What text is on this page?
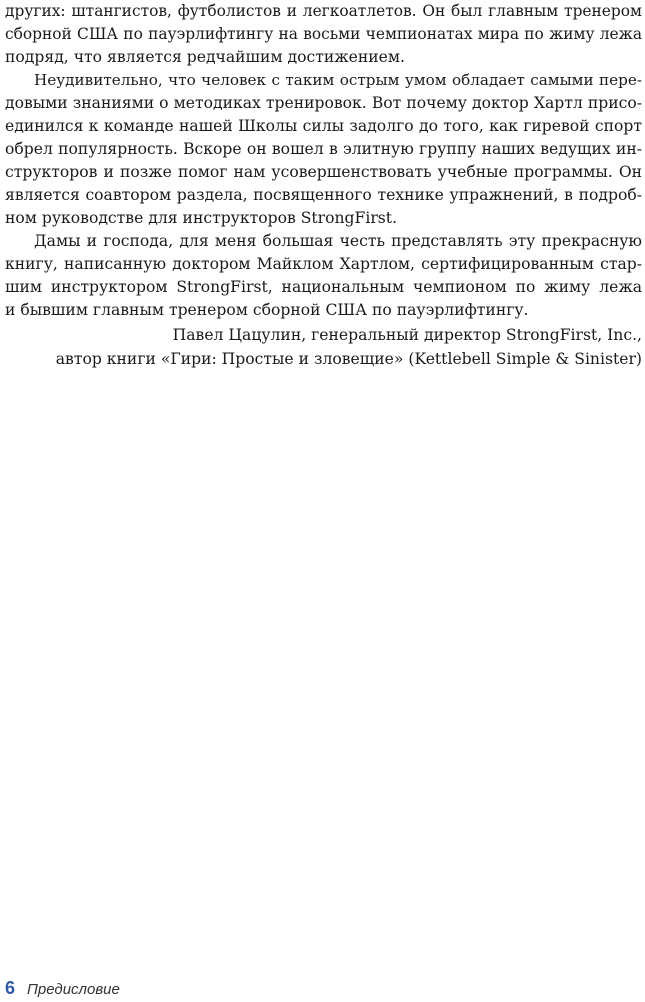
других: штангистов, футболистов и легкоатлетов. Он был главным тренером
сборной США по пауэрлифтингу на восьми чемпионатах мира по жиму лежа
подряд, что является редчайшим достижением.
Неудивительно, что человек с таким острым умом обладает самыми пере-
довыми знаниями о методиках тренировок. Вот почему доктор Хартл присо-
единился к команде нашей Школы силы задолго до того, как гиревой спорт
обрел популярность. Вскоре он вошел в элитную группу наших ведущих ин-
структоров и позже помог нам усовершенствовать учебные программы. Он
является соавтором раздела, посвященного технике упражнений, в подроб-
ном руководстве для инструкторов StrongFirst.
Дамы и господа, для меня большая честь представлять эту прекрасную
книгу, написанную доктором Майклом Хартлом, сертифицированным стар-
шим инструктором StrongFirst, национальным чемпионом по жиму лежа
и бывшим главным тренером сборной США по пауэрлифтингу.
Павел Цацулин, генеральный директор StrongFirst, Inc.,
автор книги «Гири: Простые и зловещие» (Kettlebell Simple & Sinister)
6 Предисловие
